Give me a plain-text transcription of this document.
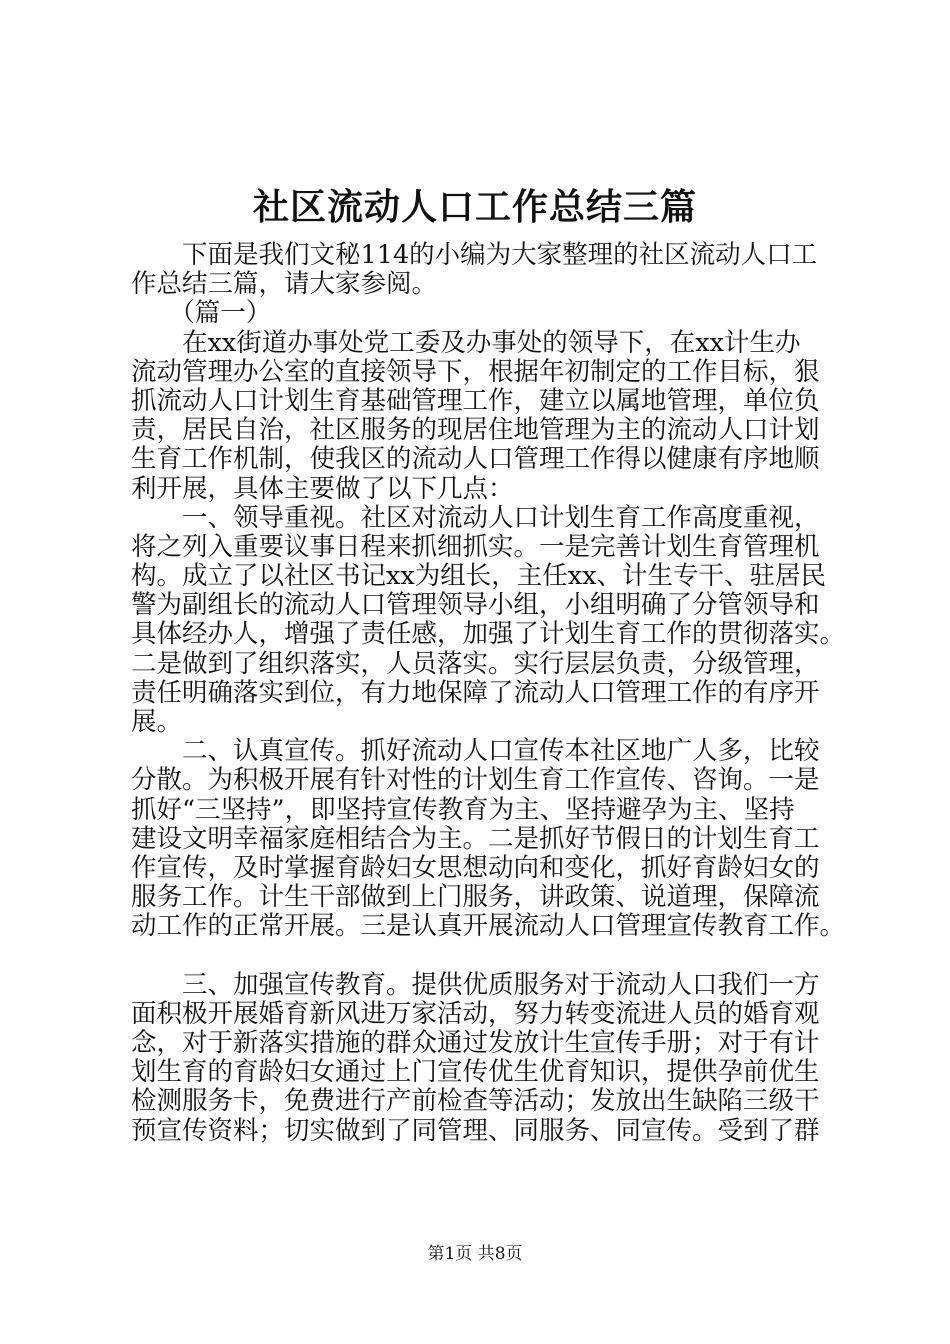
社区流动人口工作总结三篇
　　下面是我们文秘114的小编为大家整理的社区流动人口工
作总结三篇，请大家参阅。
　　（篇一）
　　在xx街道办事处党工委及办事处的领导下，在xx计生办
流动管理办公室的直接领导下，根据年初制定的工作目标，狠
抓流动人口计划生育基础管理工作，建立以属地管理，单位负
责，居民自治，社区服务的现居住地管理为主的流动人口计划
生育工作机制，使我区的流动人口管理工作得以健康有序地顺
利开展，具体主要做了以下几点：
　　一、领导重视。社区对流动人口计划生育工作高度重视，
将之列入重要议事日程来抓细抓实。一是完善计划生育管理机
构。成立了以社区书记xx为组长，主任xx、计生专干、驻居民
警为副组长的流动人口管理领导小组，小组明确了分管领导和
具体经办人，增强了责任感，加强了计划生育工作的贯彻落实。
二是做到了组织落实，人员落实。实行层层负责，分级管理，
责任明确落实到位，有力地保障了流动人口管理工作的有序开
展。
　　二、认真宣传。抓好流动人口宣传本社区地广人多，比较
分散。为积极开展有针对性的计划生育工作宣传、咨询。一是
抓好“三坚持”，即坚持宣传教育为主、坚持避孕为主、坚持
建设文明幸福家庭相结合为主。二是抓好节假日的计划生育工
作宣传，及时掌握育龄妇女思想动向和变化，抓好育龄妇女的
服务工作。计生干部做到上门服务，讲政策、说道理，保障流
动工作的正常开展。三是认真开展流动人口管理宣传教育工作。
　　三、加强宣传教育。提供优质服务对于流动人口我们一方
面积极开展婚育新风进万家活动，努力转变流进人员的婚育观
念，对于新落实措施的群众通过发放计生宣传手册；对于有计
划生育的育龄妇女通过上门宣传优生优育知识，提供孕前优生
检测服务卡，免费进行产前检查等活动；发放出生缺陷三级干
预宣传资料；切实做到了同管理、同服务、同宣传。受到了群
第1页 共8页
